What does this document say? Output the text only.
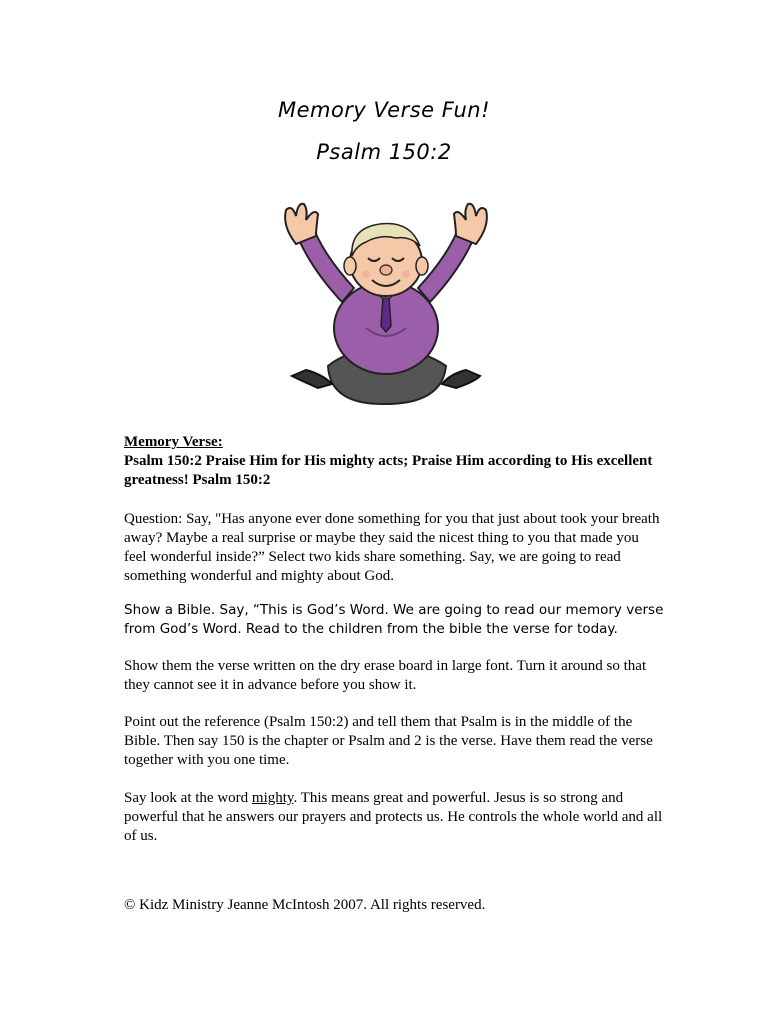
Memory Verse Fun!
Psalm 150:2
Memory Verse:
Psalm 150:2 Praise Him for His mighty acts; Praise Him according to His excellent greatness! Psalm 150:2
Question: Say, "Has anyone ever done something for you that just about took your breath away? Maybe a real surprise or maybe they said the nicest thing to you that made you feel wonderful inside?” Select two kids share something. Say, we are going to read something wonderful and mighty about God.
Show a Bible. Say, “This is God’s Word. We are going to read our memory verse from God’s Word. Read to the children from the bible the verse for today.
Show them the verse written on the dry erase board in large font. Turn it around so that they cannot see it in advance before you show it.
Point out the reference (Psalm 150:2) and tell them that Psalm is in the middle of the Bible. Then say 150 is the chapter or Psalm and 2 is the verse. Have them read the verse together with you one time.
Say look at the word mighty. This means great and powerful. Jesus is so strong and powerful that he answers our prayers and protects us. He controls the whole world and all of us.
© Kidz Ministry Jeanne McIntosh 2007. All rights reserved.
